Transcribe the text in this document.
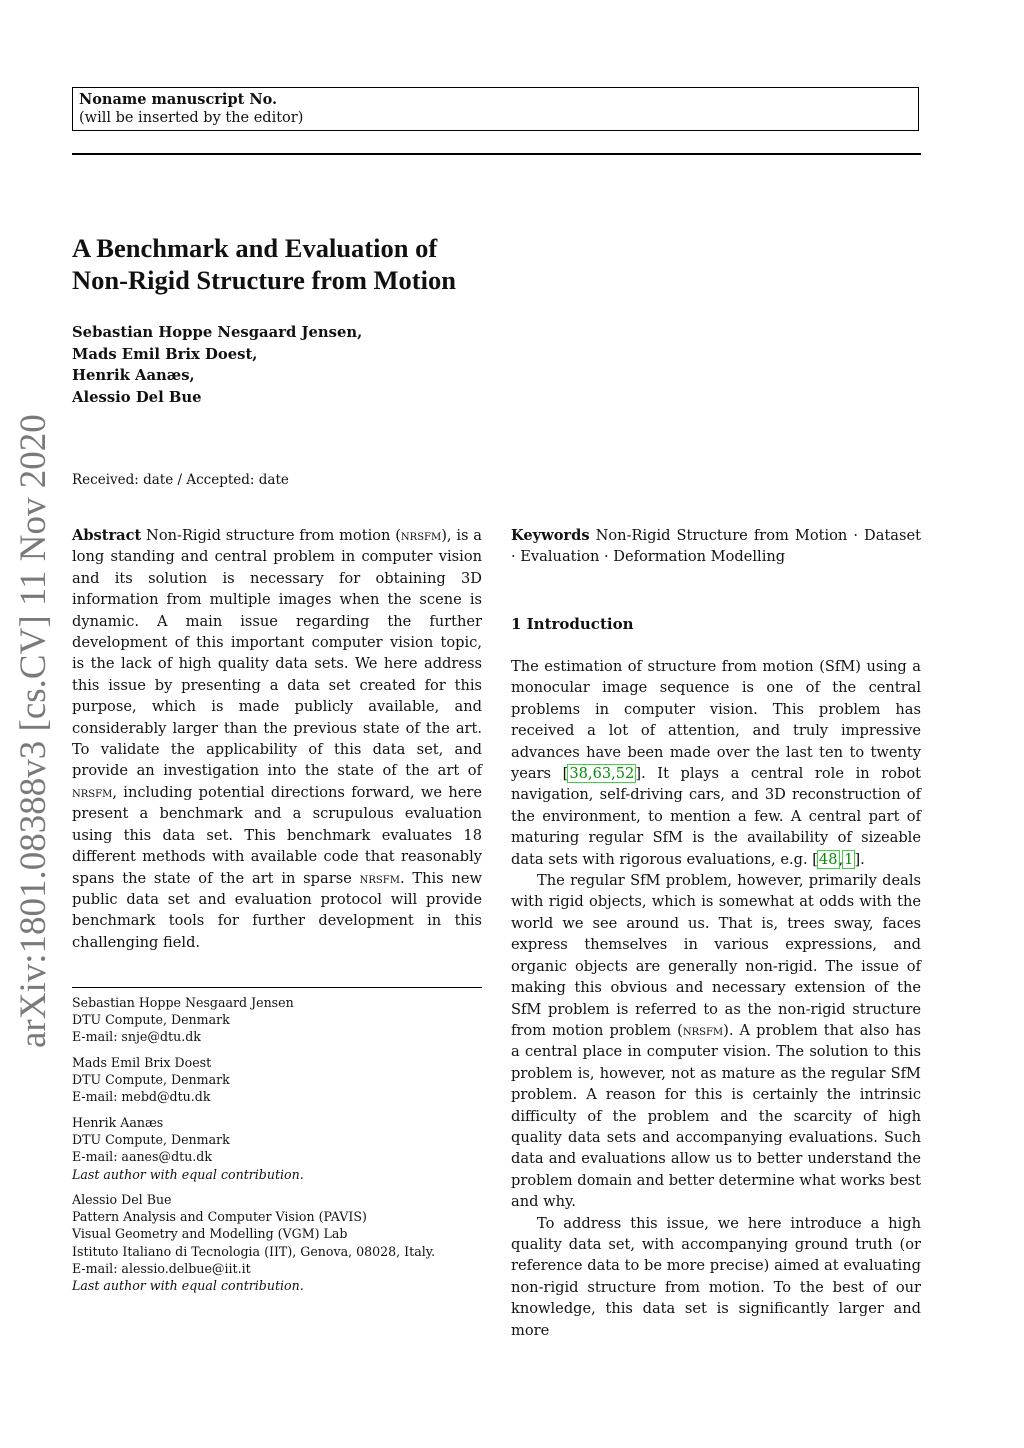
Noname manuscript No.
(will be inserted by the editor)
A Benchmark and Evaluation of
Non-Rigid Structure from Motion
Sebastian Hoppe Nesgaard Jensen,
Mads Emil Brix Doest,
Henrik Aanæs,
Alessio Del Bue
arXiv:1801.08388v3 [cs.CV] 11 Nov 2020 Received: date / Accepted: date
Abstract Non-Rigid structure from motion (nrsfm), is a long standing and central problem in computer vision and its solution is necessary for obtaining 3D information from multiple images when the scene is dynamic. A main issue regarding the further development of this important computer vision topic, is the lack of high quality data sets. We here address this issue by presenting a data set created for this purpose, which is made publicly available, and considerably larger than the previous state of the art. To validate the applicability of this data set, and provide an investigation into the state of the art of nrsfm, including potential directions forward, we here present a benchmark and a scrupulous evaluation using this data set. This benchmark evaluates 18 different methods with available code that reasonably spans the state of the art in sparse nrsfm. This new public data set and evaluation protocol will provide benchmark tools for further development in this challenging field.
Keywords Non-Rigid Structure from Motion · Dataset · Evaluation · Deformation Modelling
1 Introduction

The estimation of structure from motion (SfM) using a monocular image sequence is one of the central problems in computer vision. This problem has received a lot of attention, and truly impressive advances have been made over the last ten to twenty years [38,63,52]. It plays a central role in robot navigation, self-driving cars, and 3D reconstruction of the environment, to mention a few. A central part of maturing regular SfM is the availability of sizeable data sets with rigorous evaluations, e.g. [48,1].

The regular SfM problem, however, primarily deals with rigid objects, which is somewhat at odds with the world we see around us. That is, trees sway, faces express themselves in various expressions, and organic objects are generally non-rigid. The issue of making this obvious and necessary extension of the SfM problem is referred to as the non-rigid structure from motion problem (nrsfm). A problem that also has a central place in computer vision. The solution to this problem is, however, not as mature as the regular SfM problem. A reason for this is certainly the intrinsic difficulty of the problem and the scarcity of high quality data sets and accompanying evaluations. Such data and evaluations allow us to better understand the problem domain and better determine what works best and why.

To address this issue, we here introduce a high quality data set, with accompanying ground truth (or reference data to be more precise) aimed at evaluating non-rigid structure from motion. To the best of our knowledge, this data set is significantly larger and more

Sebastian Hoppe Nesgaard Jensen
DTU Compute, Denmark
E-mail: snje@dtu.dk
Mads Emil Brix Doest
DTU Compute, Denmark
E-mail: mebd@dtu.dk
Henrik Aanæs
DTU Compute, Denmark
E-mail: aanes@dtu.dk
Last author with equal contribution.
Alessio Del Bue
Pattern Analysis and Computer Vision (PAVIS)
Visual Geometry and Modelling (VGM) Lab
Istituto Italiano di Tecnologia (IIT), Genova, 08028, Italy.
E-mail: alessio.delbue@iit.it
Last author with equal contribution.
